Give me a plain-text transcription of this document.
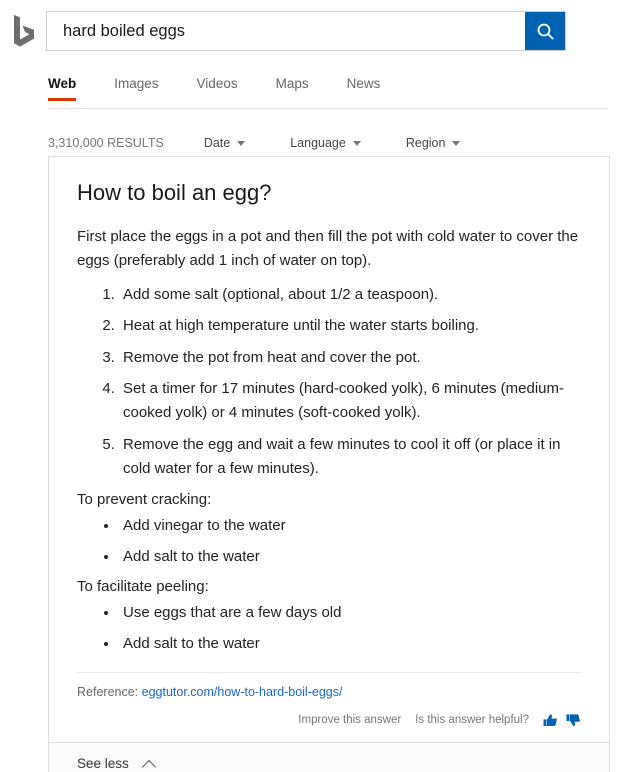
hard boiled eggs
Web	Images	Videos	Maps	News
3,310,000 RESULTS	Date	Language	Region
How to boil an egg?

First place the eggs in a pot and then fill the pot with cold water to cover the eggs (preferably add 1 inch of water on top).

1. Add some salt (optional, about 1/2 a teaspoon).
2. Heat at high temperature until the water starts boiling.
3. Remove the pot from heat and cover the pot.
4. Set a timer for 17 minutes (hard-cooked yolk), 6 minutes (medium-cooked yolk) or 4 minutes (soft-cooked yolk).
5. Remove the egg and wait a few minutes to cool it off (or place it in cold water for a few minutes).

To prevent cracking:

• Add vinegar to the water
• Add salt to the water

To facilitate peeling:

• Use eggs that are a few days old
• Add salt to the water
Reference: eggtutor.com/how-to-hard-boil-eggs/
Improve this answer Is this answer helpful?
See less
